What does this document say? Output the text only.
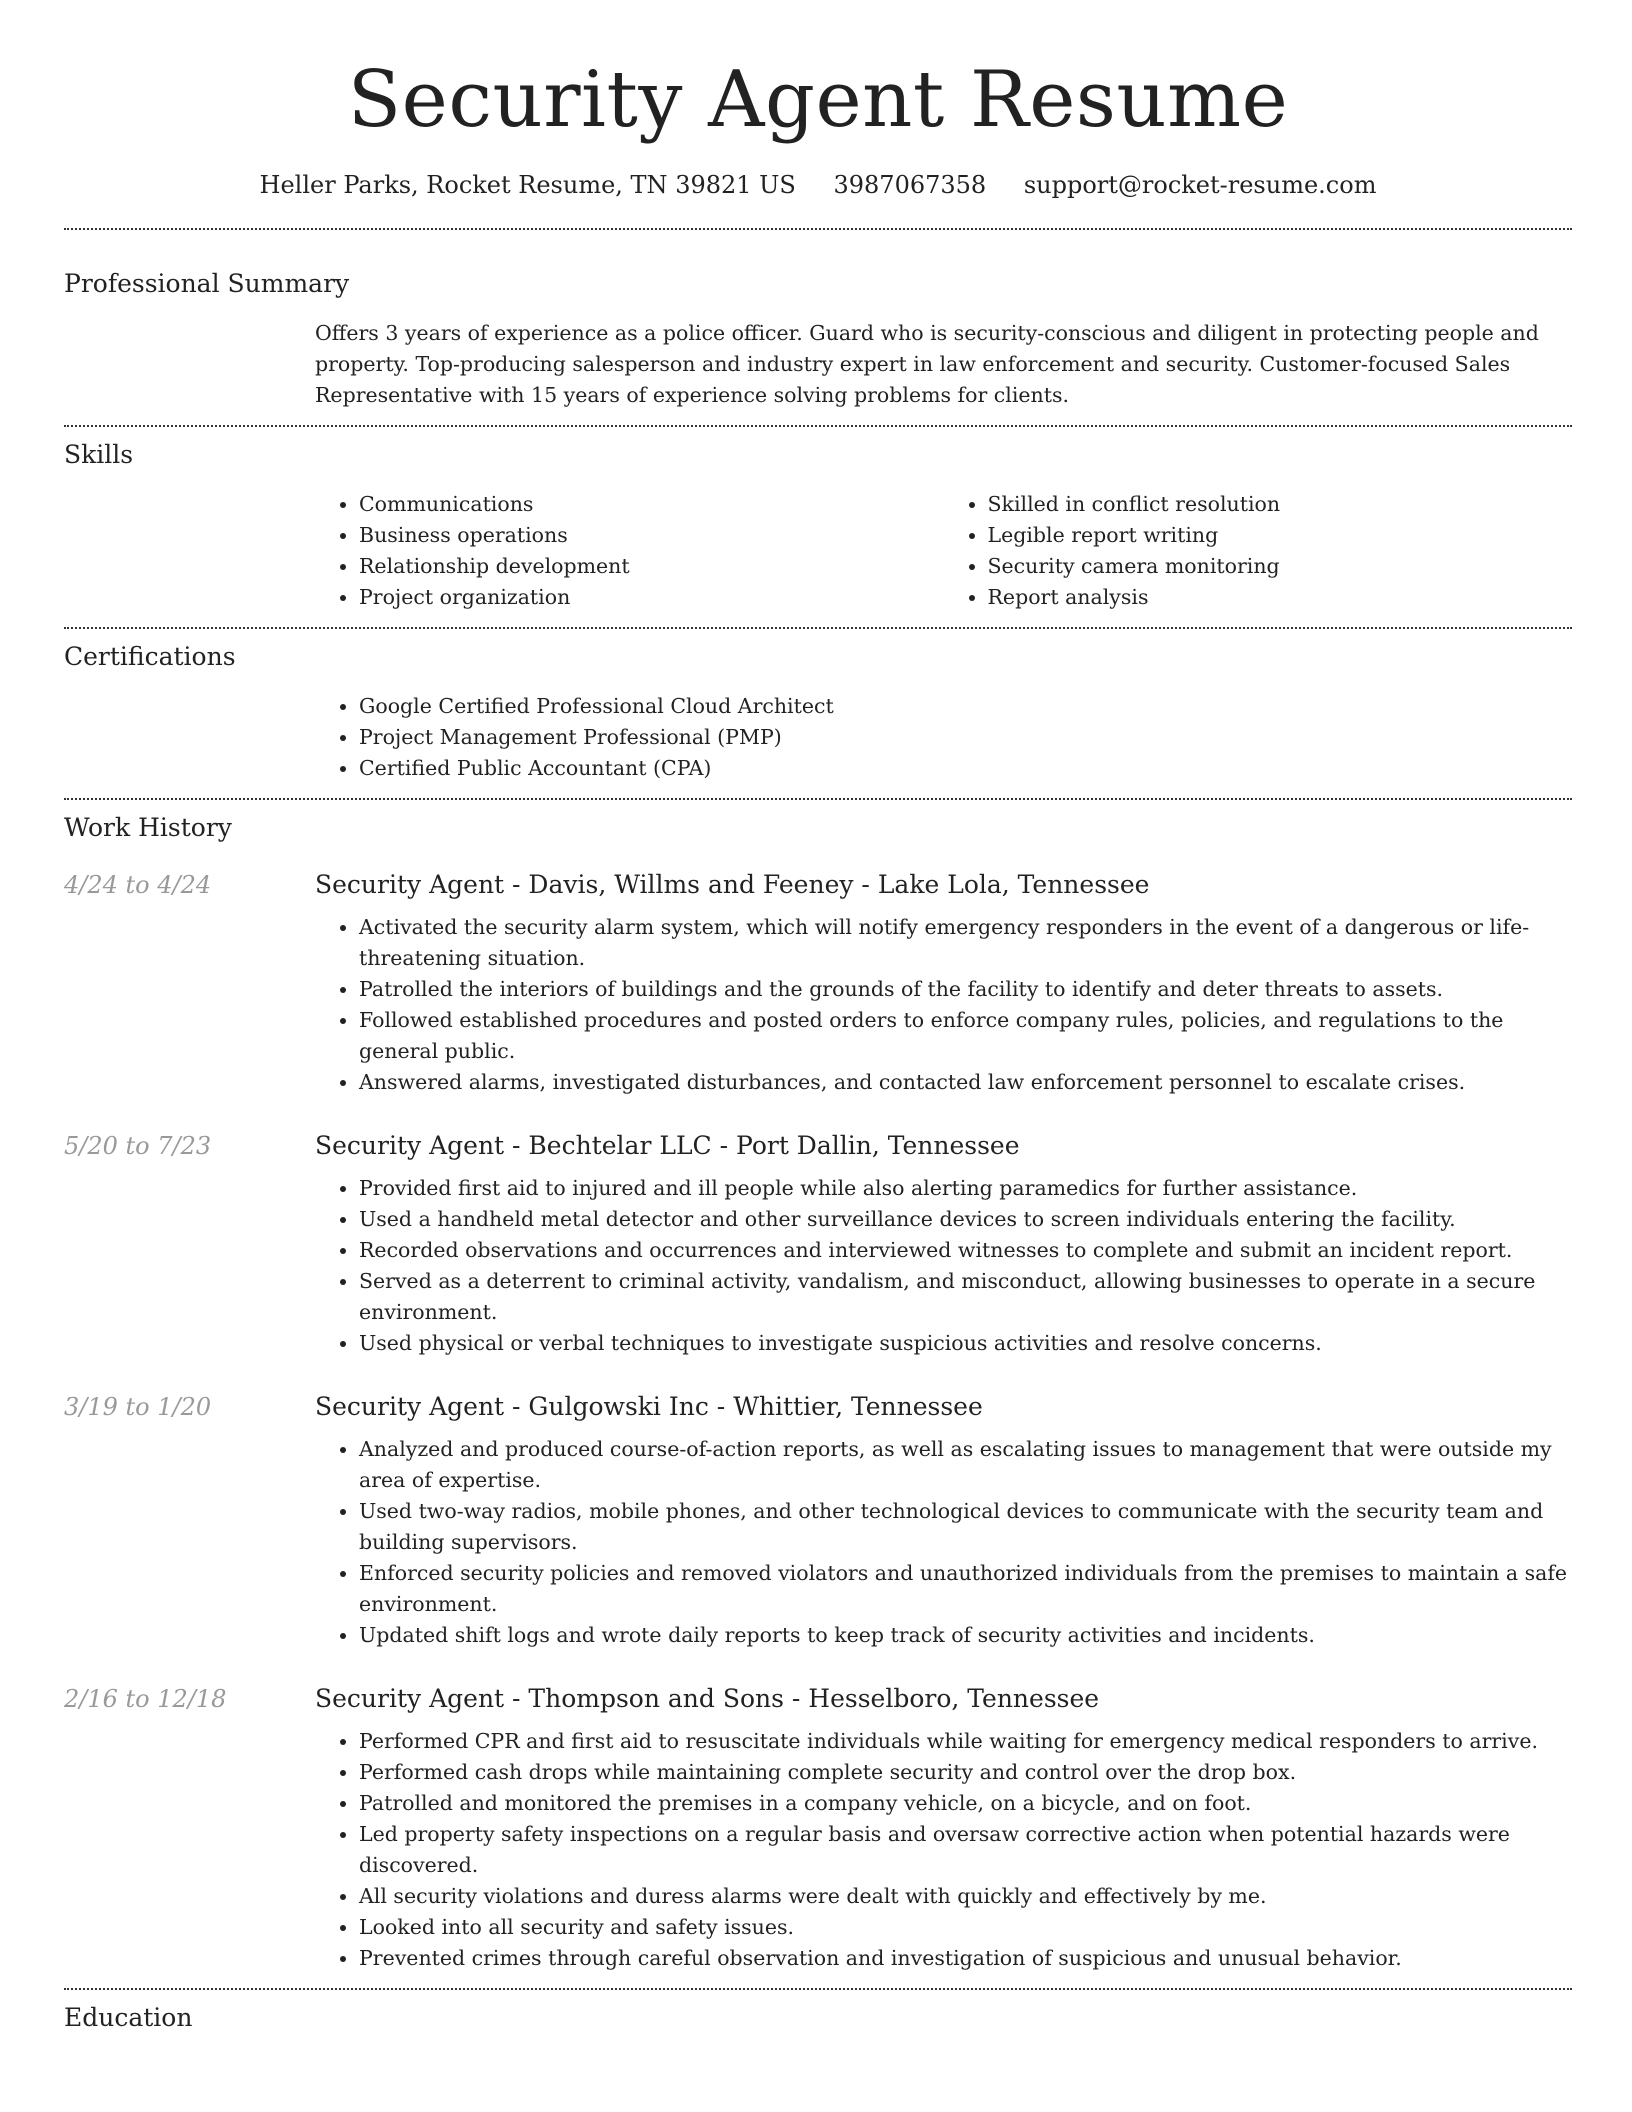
Security Agent Resume
Heller Parks, Rocket Resume, TN 39821 US 3987067358 support@rocket-resume.com
Professional Summary
Offers 3 years of experience as a police officer. Guard who is security-conscious and diligent in protecting people and property. Top-producing salesperson and industry expert in law enforcement and security. Customer-focused Sales Representative with 15 years of experience solving problems for clients.
Skills
• Communications
• Business operations
• Relationship development
• Project organization
• Skilled in conflict resolution
• Legible report writing
• Security camera monitoring
• Report analysis
Certifications
• Google Certified Professional Cloud Architect
• Project Management Professional (PMP)
• Certified Public Accountant (CPA)
Work History
4/24 to 4/24	Security Agent - Davis, Willms and Feeney - Lake Lola, Tennessee
• Activated the security alarm system, which will notify emergency responders in the event of a dangerous or life-threatening situation.
• Patrolled the interiors of buildings and the grounds of the facility to identify and deter threats to assets.
• Followed established procedures and posted orders to enforce company rules, policies, and regulations to the general public.
• Answered alarms, investigated disturbances, and contacted law enforcement personnel to escalate crises.
5/20 to 7/23	Security Agent - Bechtelar LLC - Port Dallin, Tennessee
• Provided first aid to injured and ill people while also alerting paramedics for further assistance.
• Used a handheld metal detector and other surveillance devices to screen individuals entering the facility.
• Recorded observations and occurrences and interviewed witnesses to complete and submit an incident report.
• Served as a deterrent to criminal activity, vandalism, and misconduct, allowing businesses to operate in a secure environment.
• Used physical or verbal techniques to investigate suspicious activities and resolve concerns.
3/19 to 1/20	Security Agent - Gulgowski Inc - Whittier, Tennessee
• Analyzed and produced course-of-action reports, as well as escalating issues to management that were outside my area of expertise.
• Used two-way radios, mobile phones, and other technological devices to communicate with the security team and building supervisors.
• Enforced security policies and removed violators and unauthorized individuals from the premises to maintain a safe environment.
• Updated shift logs and wrote daily reports to keep track of security activities and incidents.
2/16 to 12/18	Security Agent - Thompson and Sons - Hesselboro, Tennessee
• Performed CPR and first aid to resuscitate individuals while waiting for emergency medical responders to arrive.
• Performed cash drops while maintaining complete security and control over the drop box.
• Patrolled and monitored the premises in a company vehicle, on a bicycle, and on foot.
• Led property safety inspections on a regular basis and oversaw corrective action when potential hazards were discovered.
• All security violations and duress alarms were dealt with quickly and effectively by me.
• Looked into all security and safety issues.
• Prevented crimes through careful observation and investigation of suspicious and unusual behavior.
Education
